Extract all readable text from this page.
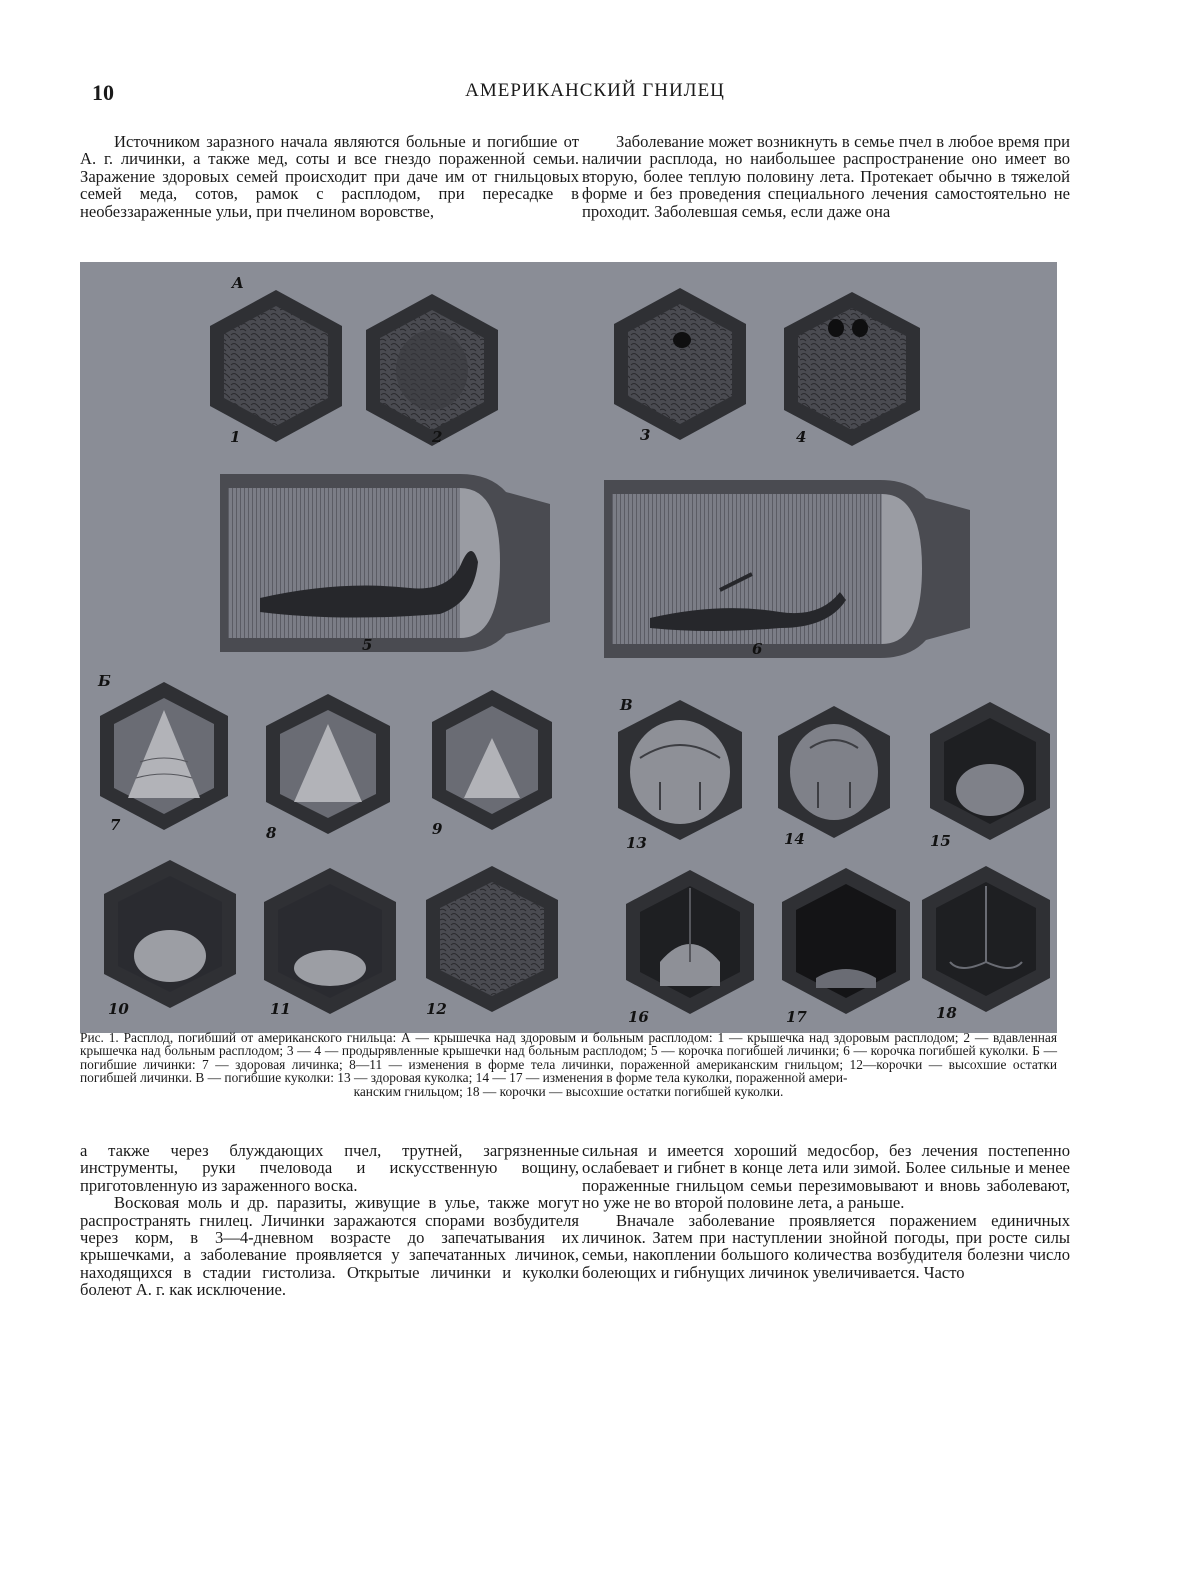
10	АМЕРИКАНСКИЙ ГНИЛЕЦ

Источником заразного начала являются больные и погибшие от А. г. личинки, а также мед, соты и все гнездо пораженной семьи. Заражение здоровых семей происходит при даче им от гнильцовых семей меда, сотов, рамок с расплодом, при пересадке в необеззараженные ульи, при пчелином воровстве,

Заболевание может возникнуть в семье пчел в любое время при наличии расплода, но наибольшее распространение оно имеет во вторую, более теплую половину лета. Протекает обычно в тяжелой форме и без проведения специального лечения самостоятельно не проходит. Заболевшая семья, если даже она

A
1	2	3	4
5	6
Б
7	8	9
10	11	12
В
13	14	15
16	17	18
Рис. 1. Расплод, погибший от американского гнильца: А — крышечка над здоровым и больным расплодом: 1 — крышечка над здоровым расплодом; 2 — вдавленная крышечка над больным расплодом; 3 — 4 — продырявленные крышечки над больным расплодом; 5 — корочка погибшей личинки; 6 — корочка погибшей куколки. Б — погибшие личинки: 7 — здоровая личинка; 8—11 — изменения в форме тела личинки, пораженной американским гнильцом; 12—корочки — высохшие остатки погибшей личинки. В — погибшие куколки: 13 — здоровая куколка; 14 — 17 — изменения в форме тела куколки, пораженной амери-
канским гнильцом; 18 — корочки — высохшие остатки погибшей куколки.

а также через блуждающих пчел, трутней, загрязненные инструменты, руки пчеловода и искусственную вощину, приготовленную из зараженного воска.

Восковая моль и др. паразиты, живущие в улье, также могут распространять гнилец. Личинки заражаются спорами возбудителя через корм, в 3—4-дневном возрасте до запечатывания их крышечками, а заболевание проявляется у запечатанных личинок, находящихся в стадии гистолиза. Открытые личинки и куколки болеют А. г. как исключение.

сильная и имеется хороший медосбор, без лечения постепенно ослабевает и гибнет в конце лета или зимой. Более сильные и менее пораженные гнильцом семьи перезимовывают и вновь заболевают, но уже не во второй половине лета, а раньше.

Вначале заболевание проявляется поражением единичных личинок. Затем при наступлении знойной погоды, при росте силы семьи, накоплении большого количества возбудителя болезни число болеющих и гибнущих личинок увеличивается. Часто
